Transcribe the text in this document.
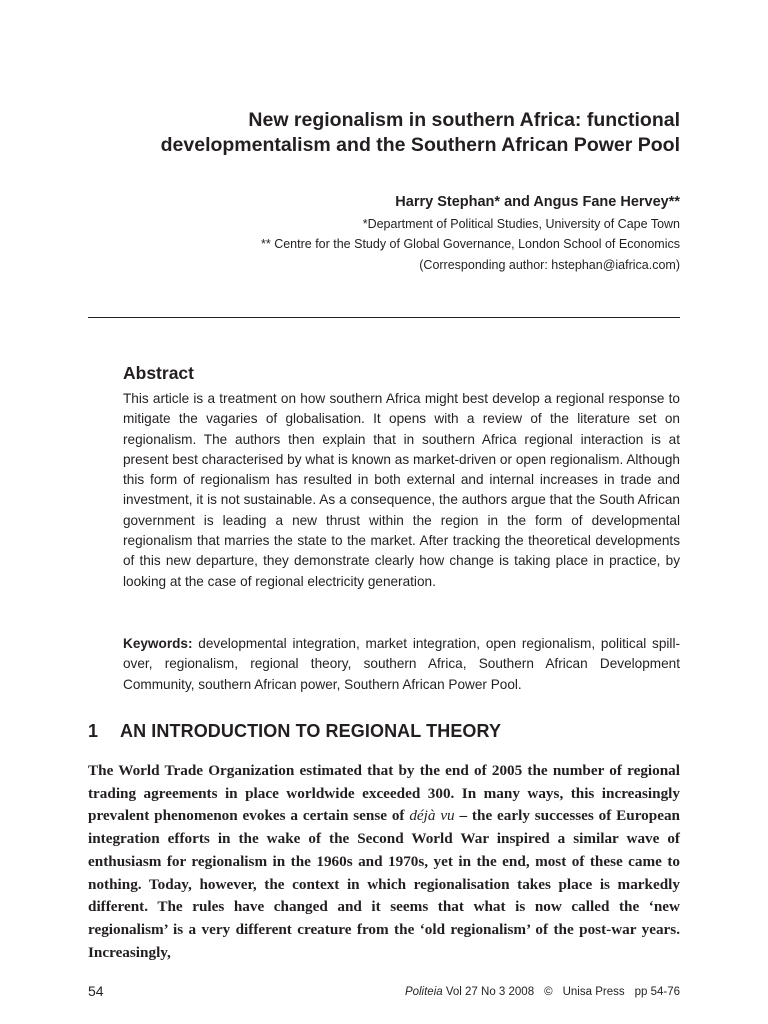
New regionalism in southern Africa: functional
developmentalism and the Southern African Power Pool
Harry Stephan* and Angus Fane Hervey**
*Department of Political Studies, University of Cape Town
** Centre for the Study of Global Governance, London School of Economics
(Corresponding author: hstephan@iafrica.com)
Abstract

This article is a treatment on how southern Africa might best develop a regional response to mitigate the vagaries of globalisation. It opens with a review of the literature set on regionalism. The authors then explain that in southern Africa regional interaction is at present best characterised by what is known as market-driven or open regionalism. Although this form of regionalism has resulted in both external and internal increases in trade and investment, it is not sustainable. As a consequence, the authors argue that the South African government is leading a new thrust within the region in the form of developmental regionalism that marries the state to the market. After tracking the theoretical developments of this new departure, they demonstrate clearly how change is taking place in practice, by looking at the case of regional electricity generation.

Keywords: developmental integration, market integration, open regionalism, political spill-over, regionalism, regional theory, southern Africa, Southern African Development Community, southern African power, Southern African Power Pool.

1 AN INTRODUCTION TO REGIONAL THEORY

The World Trade Organization estimated that by the end of 2005 the number of regional trading agreements in place worldwide exceeded 300. In many ways, this increasingly prevalent phenomenon evokes a certain sense of déjà vu – the early successes of European integration efforts in the wake of the Second World War inspired a similar wave of enthusiasm for regionalism in the 1960s and 1970s, yet in the end, most of these came to nothing. Today, however, the context in which regionalisation takes place is markedly different. The rules have changed and it seems that what is now called the ‘new regionalism’ is a very different creature from the ‘old regionalism’ of the post-war years. Increasingly,

54	Politeia Vol 27 No 3 2008 © Unisa Press pp 54-76
